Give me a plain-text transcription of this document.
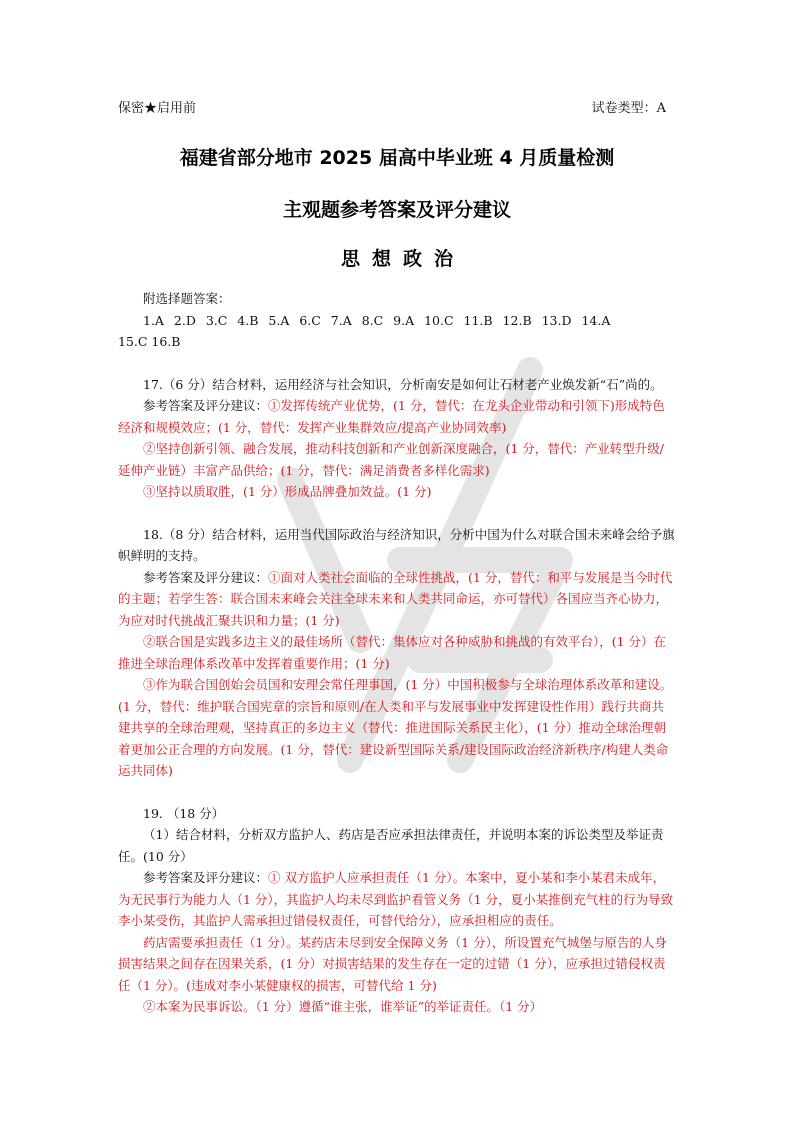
微云
保密★启用前	试卷类型：A
福建省部分地市 2025 届高中毕业班 4 月质量检测
主观题参考答案及评分建议
思想政治

附选择题答案：

1.A 2.D 3.C 4.B 5.A 6.C 7.A 8.C 9.A 10.C 11.B 12.B 13.D 14.A

15.C 16.B

17.（6 分）结合材料，运用经济与社会知识，分析南安是如何让石材老产业焕发新“石”尚的。

参考答案及评分建议：①发挥传统产业优势，(1 分，替代：在龙头企业带动和引领下)形成特色经济和规模效应；(1 分，替代：发挥产业集群效应/提高产业协同效率)

②坚持创新引领、融合发展，推动科技创新和产业创新深度融合，(1 分，替代：产业转型升级/延伸产业链）丰富产品供给；(1 分，替代：满足消费者多样化需求)

③坚持以质取胜，(1 分）形成品牌叠加效益。(1 分)

18.（8 分）结合材料，运用当代国际政治与经济知识，分析中国为什么对联合国未来峰会给予旗帜鲜明的支持。

参考答案及评分建议：①面对人类社会面临的全球性挑战，(1 分，替代：和平与发展是当今时代的主题；若学生答：联合国未来峰会关注全球未来和人类共同命运，亦可替代）各国应当齐心协力，为应对时代挑战汇聚共识和力量；(1 分)

②联合国是实践多边主义的最佳场所（替代：集体应对各种威胁和挑战的有效平台），(1 分）在推进全球治理体系改革中发挥着重要作用；(1 分)

③作为联合国创始会员国和安理会常任理事国，(1 分）中国积极参与全球治理体系改革和建设。(1 分，替代：维护联合国宪章的宗旨和原则/在人类和平与发展事业中发挥建设性作用）践行共商共建共享的全球治理观，坚持真正的多边主义（替代：推进国际关系民主化），(1 分）推动全球治理朝着更加公正合理的方向发展。(1 分，替代：建设新型国际关系/建设国际政治经济新秩序/构建人类命运共同体)

19. （18 分）

（1）结合材料，分析双方监护人、药店是否应承担法律责任，并说明本案的诉讼类型及举证责任。(10 分）

参考答案及评分建议：① 双方监护人应承担责任（1 分）。本案中，夏小某和李小某君未成年，为无民事行为能力人（1 分），其监护人均未尽到监护看管义务（1 分，夏小某推倒充气柱的行为导致李小某受伤，其监护人需承担过错侵权责任，可替代给分），应承担相应的责任。

药店需要承担责任（1 分）。某药店未尽到安全保障义务（1 分），所设置充气城堡与原告的人身损害结果之间存在因果关系，(1 分）对损害结果的发生存在一定的过错（1 分），应承担过错侵权责任（1 分）。(违成对李小某健康权的损害，可替代给 1 分)

②本案为民事诉讼。（1 分）遵循“谁主张，谁举证”的举证责任。（1 分）
